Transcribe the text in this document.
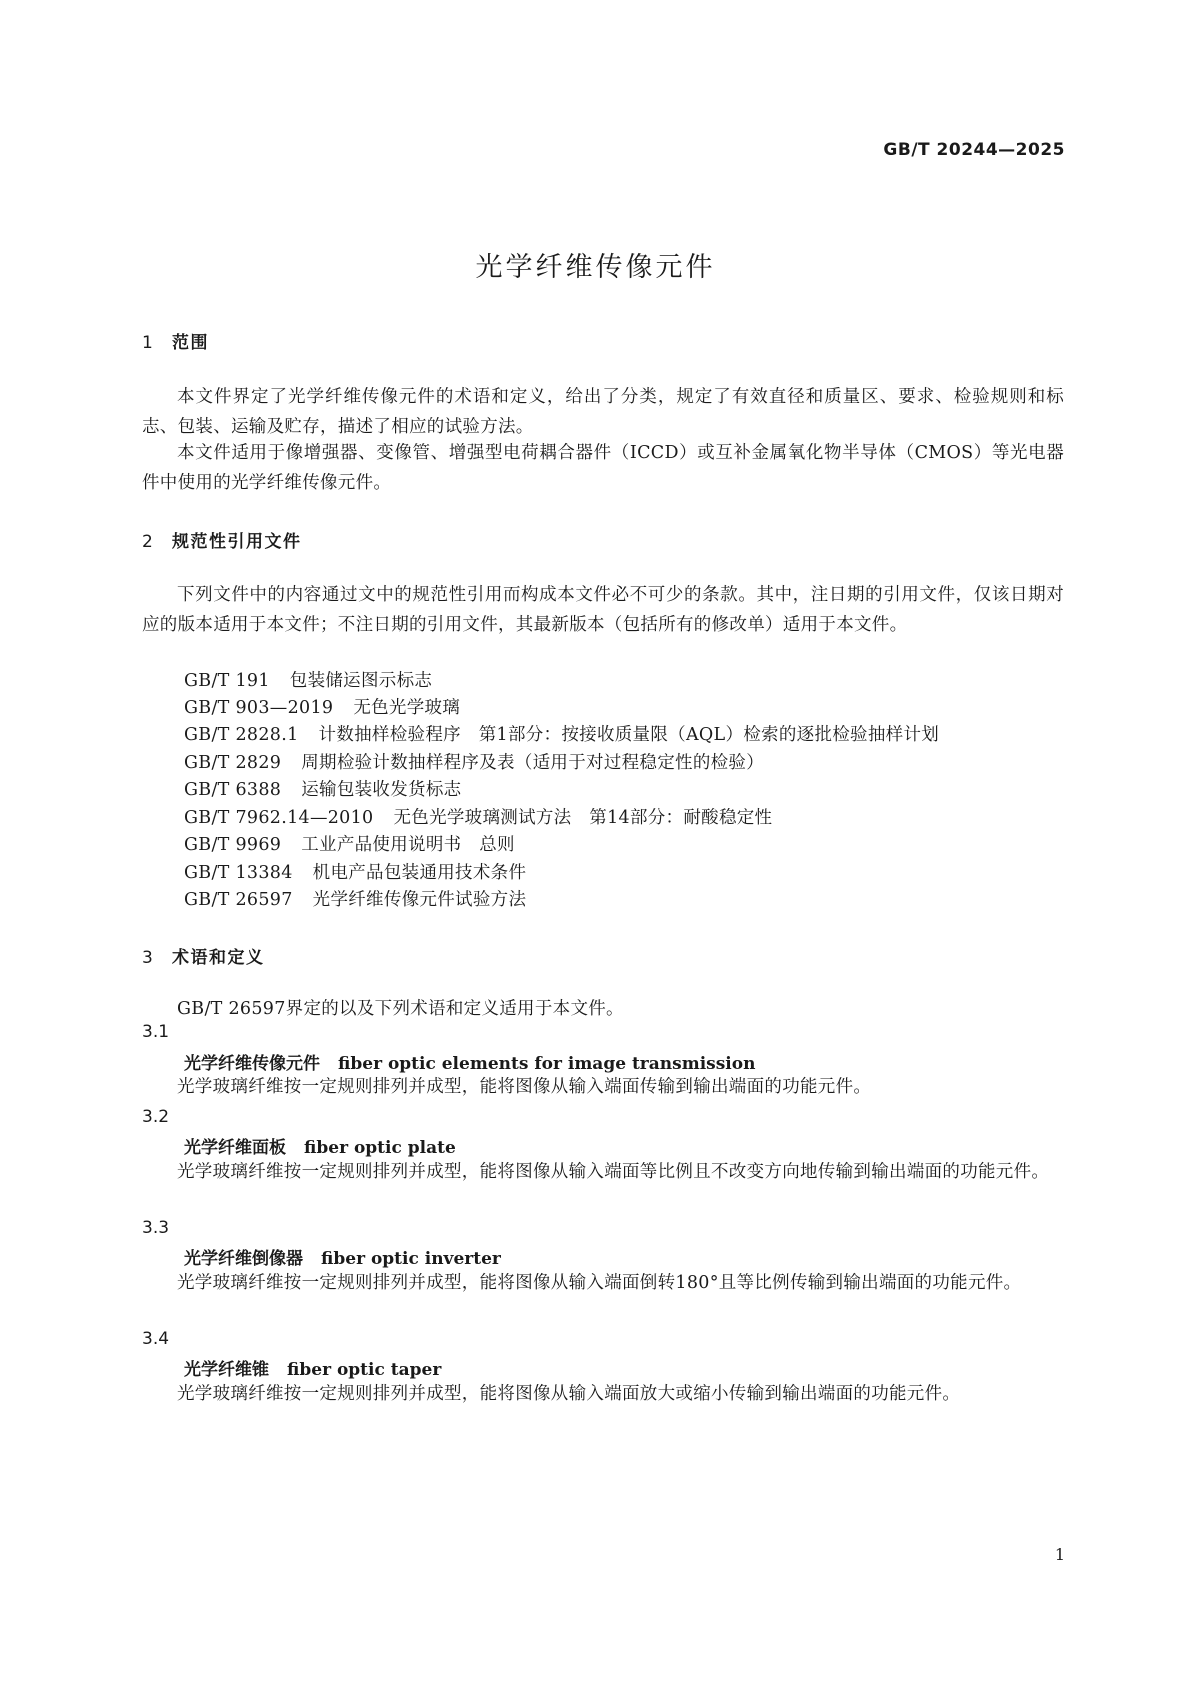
GB/T 20244—2025
光学纤维传像元件
1 范围
本文件界定了光学纤维传像元件的术语和定义，给出了分类，规定了有效直径和质量区、要求、检验规则和标志、包装、运输及贮存，描述了相应的试验方法。
本文件适用于像增强器、变像管、增强型电荷耦合器件（ICCD）或互补金属氧化物半导体（CMOS）等光电器件中使用的光学纤维传像元件。
2 规范性引用文件
下列文件中的内容通过文中的规范性引用而构成本文件必不可少的条款。其中，注日期的引用文件，仅该日期对应的版本适用于本文件；不注日期的引用文件，其最新版本（包括所有的修改单）适用于本文件。
GB/T 191 包装储运图示标志
GB/T 903—2019 无色光学玻璃
GB/T 2828.1 计数抽样检验程序　第1部分：按接收质量限（AQL）检索的逐批检验抽样计划
GB/T 2829 周期检验计数抽样程序及表（适用于对过程稳定性的检验）
GB/T 6388 运输包装收发货标志
GB/T 7962.14—2010 无色光学玻璃测试方法　第14部分：耐酸稳定性
GB/T 9969 工业产品使用说明书　总则
GB/T 13384 机电产品包装通用技术条件
GB/T 26597 光学纤维传像元件试验方法
3 术语和定义
GB/T 26597界定的以及下列术语和定义适用于本文件。
3.1
光学纤维传像元件 fiber optic elements for image transmission
光学玻璃纤维按一定规则排列并成型，能将图像从输入端面传输到输出端面的功能元件。
3.2
光学纤维面板 fiber optic plate
光学玻璃纤维按一定规则排列并成型，能将图像从输入端面等比例且不改变方向地传输到输出端面的功能元件。
3.3
光学纤维倒像器 fiber optic inverter
光学玻璃纤维按一定规则排列并成型，能将图像从输入端面倒转180°且等比例传输到输出端面的功能元件。
3.4
光学纤维锥 fiber optic taper
光学玻璃纤维按一定规则排列并成型，能将图像从输入端面放大或缩小传输到输出端面的功能元件。
1
